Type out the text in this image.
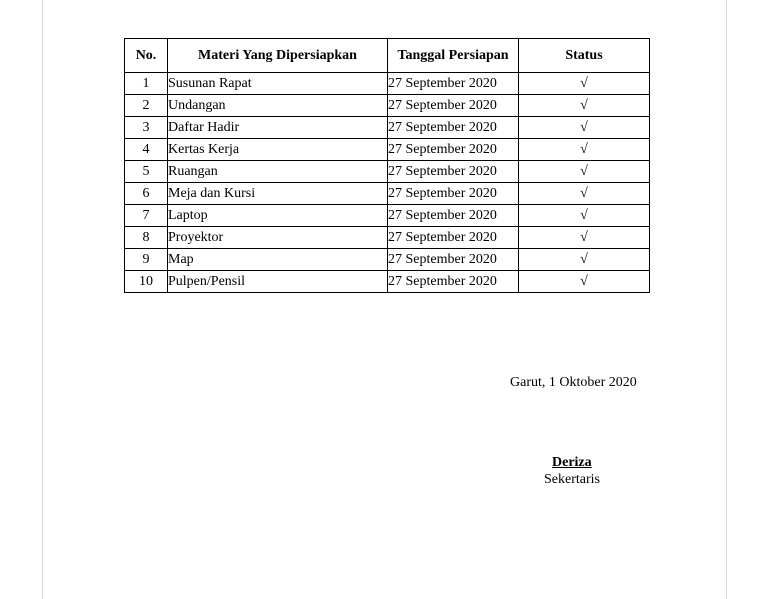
No.	Materi Yang Dipersiapkan	Tanggal Persiapan	Status
1	Susunan Rapat	27 September 2020	√
2	Undangan	27 September 2020	√
3	Daftar Hadir	27 September 2020	√
4	Kertas Kerja	27 September 2020	√
5	Ruangan	27 September 2020	√
6	Meja dan Kursi	27 September 2020	√
7	Laptop	27 September 2020	√
8	Proyektor	27 September 2020	√
9	Map	27 September 2020	√
10	Pulpen/Pensil	27 September 2020	√
Garut, 1 Oktober 2020
Deriza
Sekertaris
